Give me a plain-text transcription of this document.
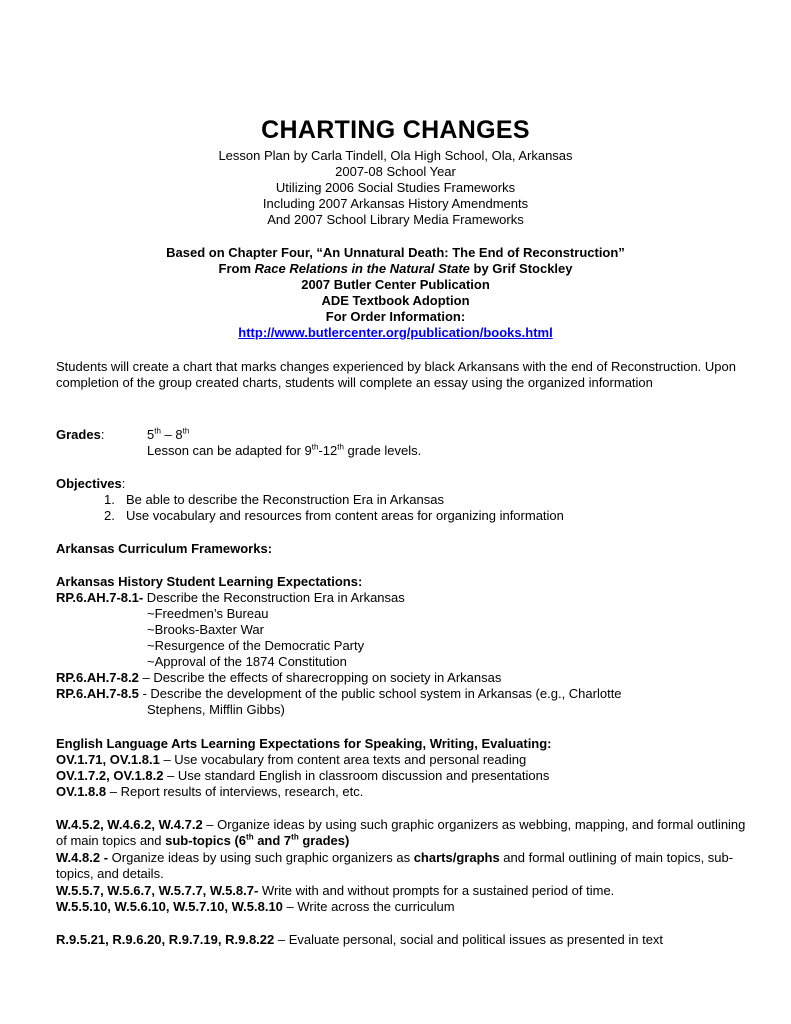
CHARTING CHANGES
Lesson Plan by Carla Tindell, Ola High School, Ola, Arkansas
2007-08 School Year
Utilizing 2006 Social Studies Frameworks
Including 2007 Arkansas History Amendments
And 2007 School Library Media Frameworks
Based on Chapter Four, “An Unnatural Death: The End of Reconstruction”
From Race Relations in the Natural State by Grif Stockley
2007 Butler Center Publication
ADE Textbook Adoption
For Order Information:
http://www.butlercenter.org/publication/books.html
Students will create a chart that marks changes experienced by black Arkansans with the end of Reconstruction. Upon completion of the group created charts, students will complete an essay using the organized information
Grades:	5th – 8th
Lesson can be adapted for 9th-12th grade levels.
Objectives:
1. Be able to describe the Reconstruction Era in Arkansas
2. Use vocabulary and resources from content areas for organizing information
Arkansas Curriculum Frameworks:
Arkansas History Student Learning Expectations:
RP.6.AH.7-8.1- Describe the Reconstruction Era in Arkansas
~Freedmen’s Bureau
~Brooks-Baxter War
~Resurgence of the Democratic Party
~Approval of the 1874 Constitution
RP.6.AH.7-8.2 – Describe the effects of sharecropping on society in Arkansas
RP.6.AH.7-8.5 - Describe the development of the public school system in Arkansas (e.g., Charlotte
Stephens, Mifflin Gibbs)
English Language Arts Learning Expectations for Speaking, Writing, Evaluating:
OV.1.71, OV.1.8.1 – Use vocabulary from content area texts and personal reading
OV.1.7.2, OV.1.8.2 – Use standard English in classroom discussion and presentations
OV.1.8.8 – Report results of interviews, research, etc.
W.4.5.2, W.4.6.2, W.4.7.2 – Organize ideas by using such graphic organizers as webbing, mapping, and formal outlining of main topics and sub-topics (6th and 7th grades)
W.4.8.2 - Organize ideas by using such graphic organizers as charts/graphs and formal outlining of main topics, sub-topics, and details.
W.5.5.7, W.5.6.7, W.5.7.7, W.5.8.7- Write with and without prompts for a sustained period of time.
W.5.5.10, W.5.6.10, W.5.7.10, W.5.8.10 – Write across the curriculum
R.9.5.21, R.9.6.20, R.9.7.19, R.9.8.22 – Evaluate personal, social and political issues as presented in text
